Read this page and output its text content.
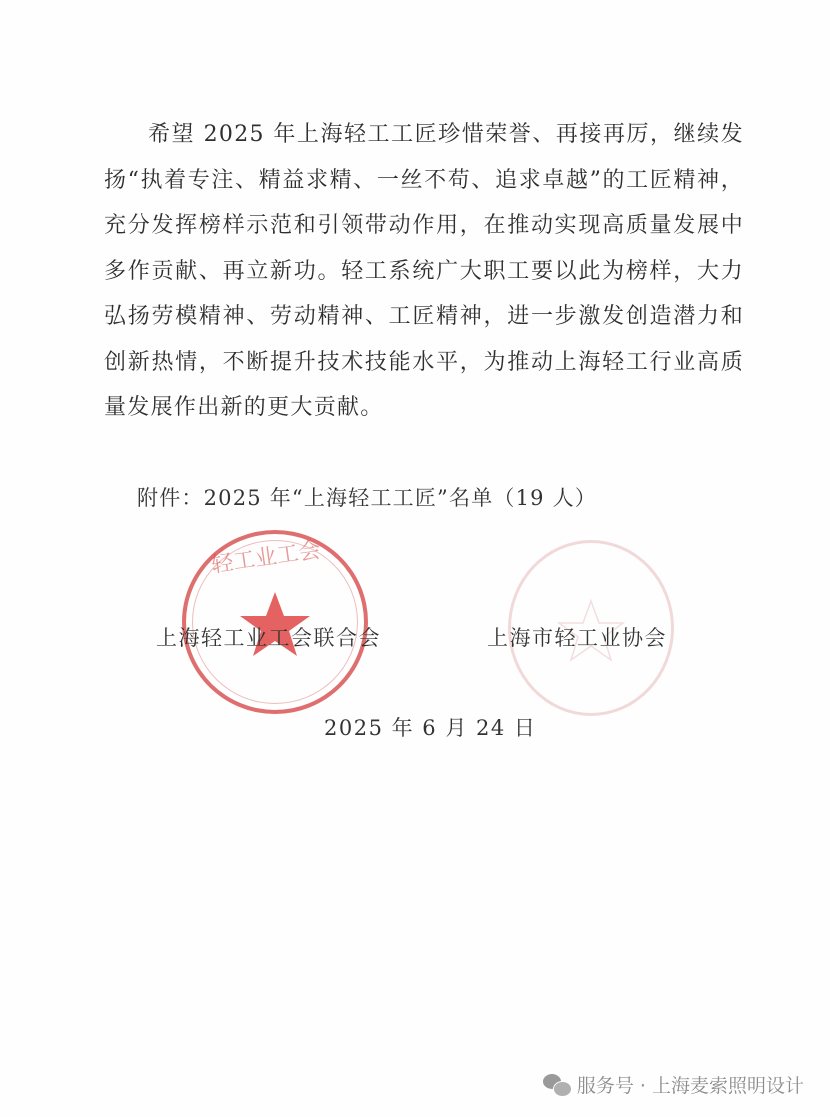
希望 2025 年上海轻工工匠珍惜荣誉、再接再厉，继续发扬“执着专注、精益求精、一丝不苟、追求卓越”的工匠精神，充分发挥榜样示范和引领带动作用，在推动实现高质量发展中多作贡献、再立新功。轻工系统广大职工要以此为榜样，大力弘扬劳模精神、劳动精神、工匠精神，进一步激发创造潜力和创新热情，不断提升技术技能水平，为推动上海轻工行业高质量发展作出新的更大贡献。

附件：2025 年“上海轻工工匠”名单（19 人）
轻工业工会
上海轻工业工会联合会	上海市轻工业协会
2025 年 6 月 24 日
服务号 · 上海麦索照明设计
